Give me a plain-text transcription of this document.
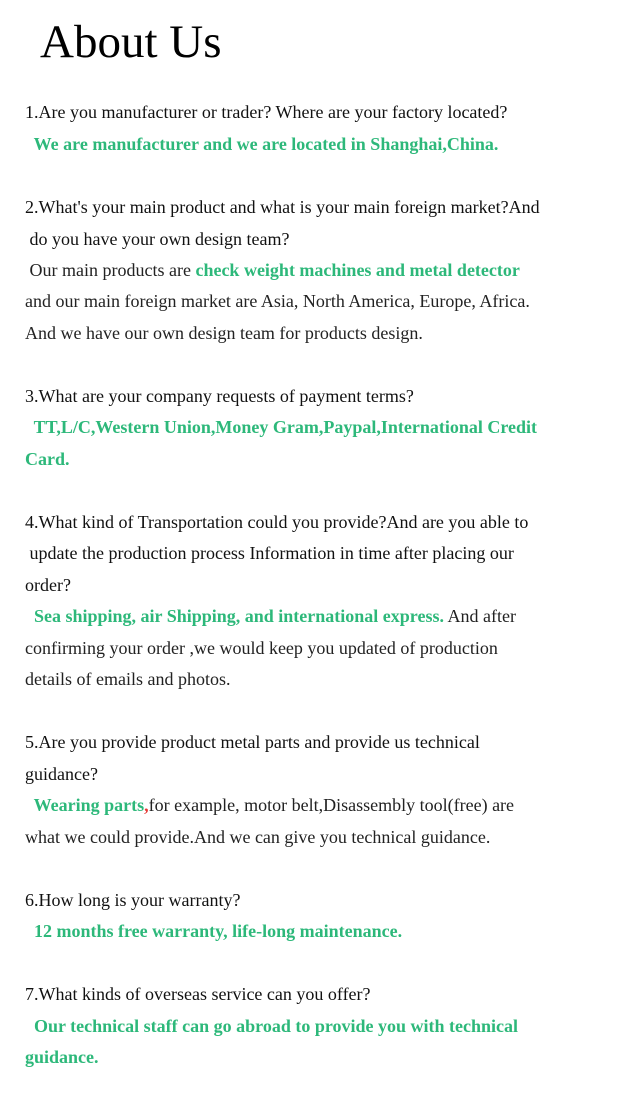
About Us
1.Are you manufacturer or trader? Where are your factory located?
We are manufacturer and we are located in Shanghai,China.
2.What's your main product and what is your main foreign market?And
do you have your own design team?
Our main products are check weight machines and metal detector
and our main foreign market are Asia, North America, Europe, Africa.
And we have our own design team for products design.
3.What are your company requests of payment terms?
TT,L/C,Western Union,Money Gram,Paypal,International Credit
Card.
4.What kind of Transportation could you provide?And are you able to
update the production process Information in time after placing our
order?
Sea shipping, air Shipping, and international express. And after
confirming your order ,we would keep you updated of production
details of emails and photos.
5.Are you provide product metal parts and provide us technical
guidance?
Wearing parts,for example, motor belt,Disassembly tool(free) are
what we could provide.And we can give you technical guidance.
6.How long is your warranty?
12 months free warranty, life-long maintenance.
7.What kinds of overseas service can you offer?
Our technical staff can go abroad to provide you with technical
guidance.
